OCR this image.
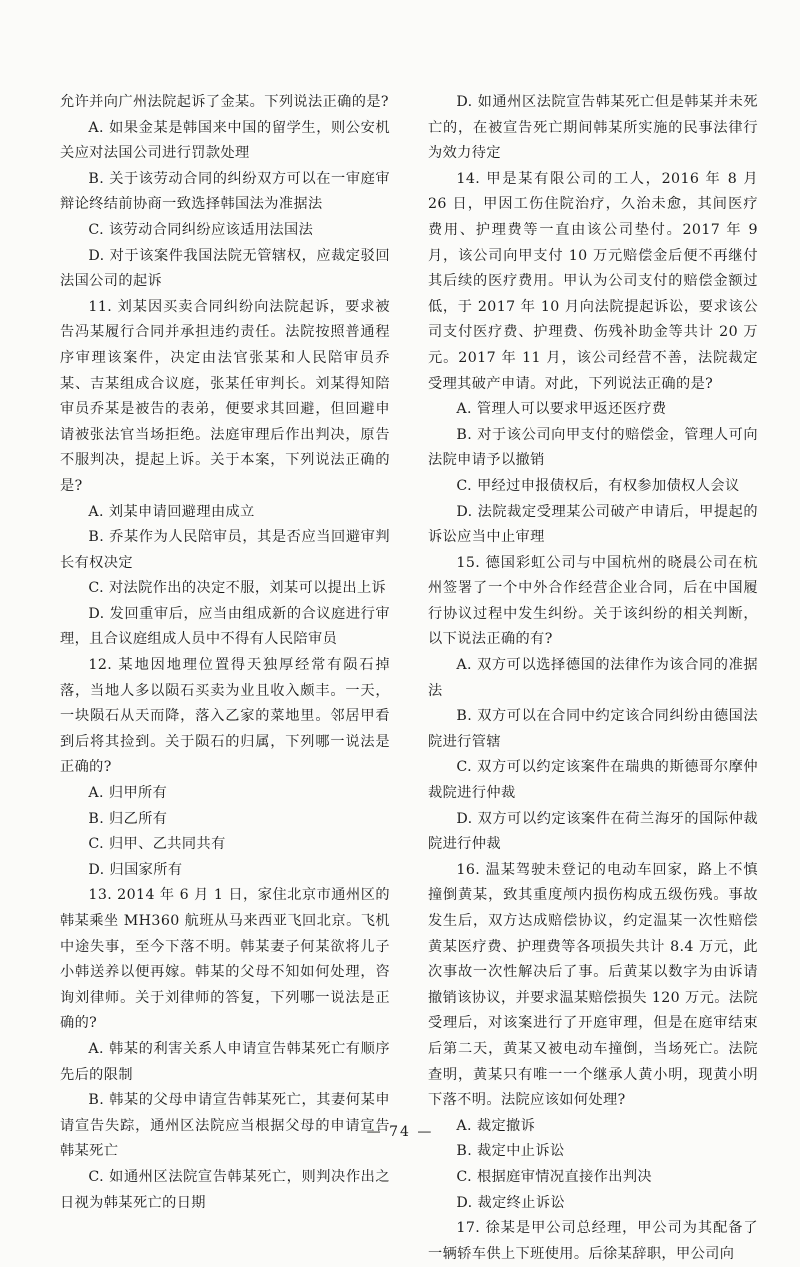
允许并向广州法院起诉了金某。下列说法正确的是?

A. 如果金某是韩国来中国的留学生，则公安机关应对法国公司进行罚款处理

B. 关于该劳动合同的纠纷双方可以在一审庭审辩论终结前协商一致选择韩国法为准据法

C. 该劳动合同纠纷应该适用法国法

D. 对于该案件我国法院无管辖权，应裁定驳回法国公司的起诉

11. 刘某因买卖合同纠纷向法院起诉，要求被告冯某履行合同并承担违约责任。法院按照普通程序审理该案件，决定由法官张某和人民陪审员乔某、吉某组成合议庭，张某任审判长。刘某得知陪审员乔某是被告的表弟，便要求其回避，但回避申请被张法官当场拒绝。法庭审理后作出判决，原告不服判决，提起上诉。关于本案，下列说法正确的是?

A. 刘某申请回避理由成立

B. 乔某作为人民陪审员，其是否应当回避审判长有权决定

C. 对法院作出的决定不服，刘某可以提出上诉

D. 发回重审后，应当由组成新的合议庭进行审理，且合议庭组成人员中不得有人民陪审员

12. 某地因地理位置得天独厚经常有陨石掉落，当地人多以陨石买卖为业且收入颇丰。一天，一块陨石从天而降，落入乙家的菜地里。邻居甲看到后将其捡到。关于陨石的归属，下列哪一说法是正确的?

A. 归甲所有

B. 归乙所有

C. 归甲、乙共同共有

D. 归国家所有

13. 2014 年 6 月 1 日，家住北京市通州区的韩某乘坐 MH360 航班从马来西亚飞回北京。飞机中途失事，至今下落不明。韩某妻子何某欲将儿子小韩送养以便再嫁。韩某的父母不知如何处理，咨询刘律师。关于刘律师的答复，下列哪一说法是正确的?

A. 韩某的利害关系人申请宣告韩某死亡有顺序先后的限制

B. 韩某的父母申请宣告韩某死亡，其妻何某申请宣告失踪，通州区法院应当根据父母的申请宣告韩某死亡

C. 如通州区法院宣告韩某死亡，则判决作出之日视为韩某死亡的日期

D. 如通州区法院宣告韩某死亡但是韩某并未死亡的，在被宣告死亡期间韩某所实施的民事法律行为效力待定

14. 甲是某有限公司的工人，2016 年 8 月 26 日，甲因工伤住院治疗，久治未愈，其间医疗费用、护理费等一直由该公司垫付。2017 年 9 月，该公司向甲支付 10 万元赔偿金后便不再继付其后续的医疗费用。甲认为公司支付的赔偿金额过低，于 2017 年 10 月向法院提起诉讼，要求该公司支付医疗费、护理费、伤残补助金等共计 20 万元。2017 年 11 月，该公司经营不善，法院裁定受理其破产申请。对此，下列说法正确的是?

A. 管理人可以要求甲返还医疗费

B. 对于该公司向甲支付的赔偿金，管理人可向法院申请予以撤销

C. 甲经过申报债权后，有权参加债权人会议

D. 法院裁定受理某公司破产申请后，甲提起的诉讼应当中止审理

15. 德国彩虹公司与中国杭州的晓晨公司在杭州签署了一个中外合作经营企业合同，后在中国履行协议过程中发生纠纷。关于该纠纷的相关判断，以下说法正确的有?

A. 双方可以选择德国的法律作为该合同的准据法

B. 双方可以在合同中约定该合同纠纷由德国法院进行管辖

C. 双方可以约定该案件在瑞典的斯德哥尔摩仲裁院进行仲裁

D. 双方可以约定该案件在荷兰海牙的国际仲裁院进行仲裁

16. 温某驾驶未登记的电动车回家，路上不慎撞倒黄某，致其重度颅内损伤构成五级伤残。事故发生后，双方达成赔偿协议，约定温某一次性赔偿黄某医疗费、护理费等各项损失共计 8.4 万元，此次事故一次性解决后了事。后黄某以数字为由诉请撤销该协议，并要求温某赔偿损失 120 万元。法院受理后，对该案进行了开庭审理，但是在庭审结束后第二天，黄某又被电动车撞倒，当场死亡。法院查明，黄某只有唯一一个继承人黄小明，现黄小明下落不明。法院应该如何处理?

A. 裁定撤诉

B. 裁定中止诉讼

C. 根据庭审情况直接作出判决

D. 裁定终止诉讼

17. 徐某是甲公司总经理，甲公司为其配备了一辆轿车供上下班使用。后徐某辞职，甲公司向

— 74 —
